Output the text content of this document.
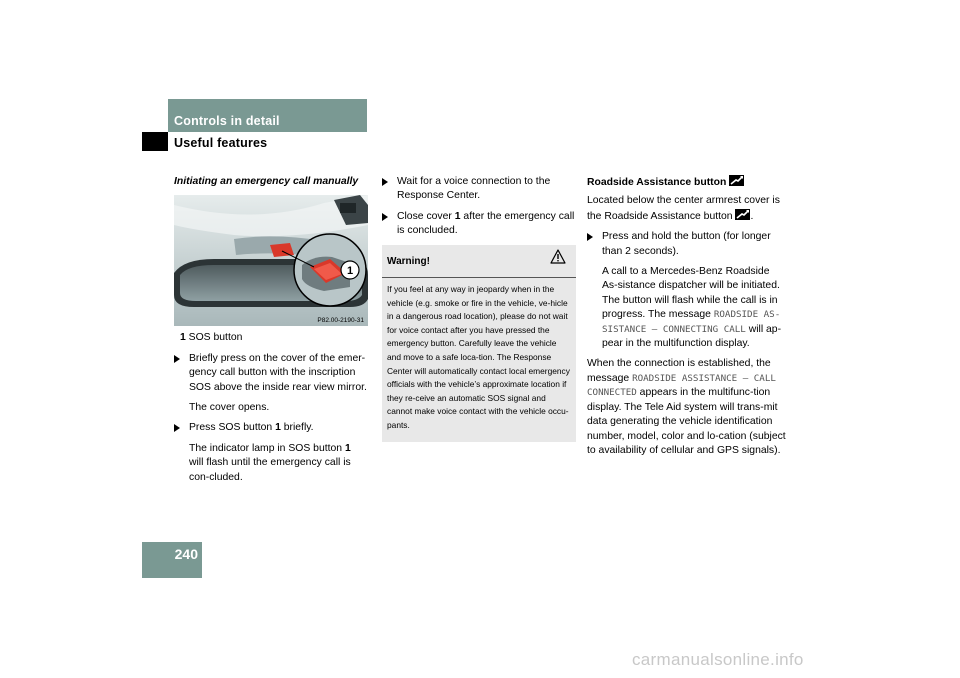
Controls in detail
Useful features
Initiating an emergency call manually
1
P82.00-2190-31
1 SOS button
Briefly press on the cover of the emer-gency call button with the inscription SOS above the inside rear view mirror.
The cover opens.
Press SOS button 1 briefly.
The indicator lamp in SOS button 1 will flash until the emergency call is con-cluded.
Wait for a voice connection to the Response Center.
Close cover 1 after the emergency call is concluded.
Warning!
If you feel at any way in jeopardy when in the vehicle (e.g. smoke or fire in the vehicle, ve-hicle in a dangerous road location), please do not wait for voice contact after you have pressed the emergency button. Carefully leave the vehicle and move to a safe loca-tion. The Response Center will automatically contact local emergency officials with the vehicle’s approximate location if they re-ceive an automatic SOS signal and cannot make voice contact with the vehicle occu-pants.
Roadside Assistance button
Located below the center armrest cover is the Roadside Assistance button .
Press and hold the button (for longer than 2 seconds).
A call to a Mercedes-Benz Roadside As-sistance dispatcher will be initiated. The button will flash while the call is in progress. The message ROADSIDE AS-SISTANCE – CONNECTING CALL will ap-pear in the multifunction display.
When the connection is established, the message ROADSIDE ASSISTANCE – CALL CONNECTED appears in the multifunc-tion display. The Tele Aid system will trans-mit data generating the vehicle identification number, model, color and lo-cation (subject to availability of cellular and GPS signals).
240
carmanualsonline.info
